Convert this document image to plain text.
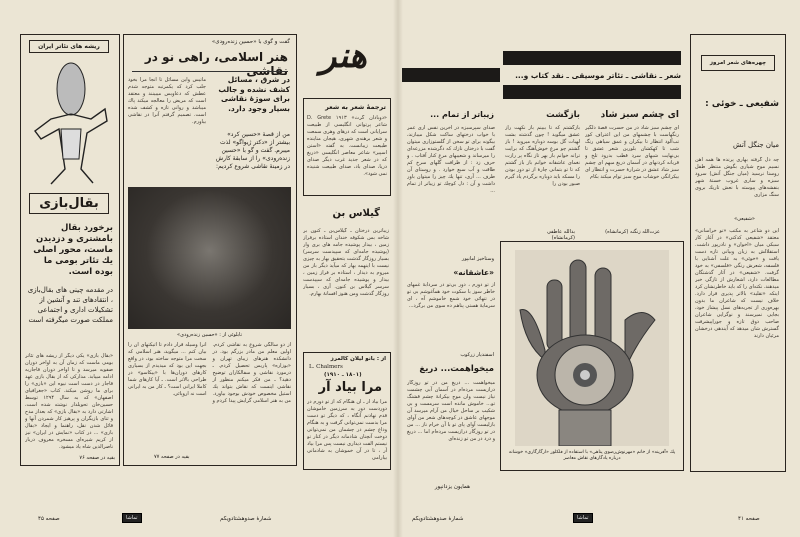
ریشه های تئاتر ایران
بقال‌بازی
برخورد بقال بامشتری و دزدیدن ماست، محور اصلی یك تئاتر بومی ما بوده است.
در مقدمه چینی های بقال‌بازی ، انتقادهای تند و آتشین از تشکیلات اداری و اجتماعی مملکت صورت میگرفته است
«بقال بازی» یکی دیگر از ریشه های تئاتر بومی ماست که زمان آن به اواخر دوران صفویه میرسد و تا اواخر دوران قاجاریه ادامه مییابد. مدارکی که از بقال بازی عهد قاجار در دست است نیوه این «بازی» را برای ما روشن میکند. کتاب «جغرافیای اصفهان» که به سال ۱۲۹۴ توسط حسین‌خان تحویلدار نوشته شده است، اشارتی دارد به «بقال بازی» که بعداز مدح و ثنای بازیگران و پرهیز کار شمردن آنها و قائل شدن نقل، راهنما و ایجاد «بقال بازی» ... در کتاب «نمایش در ایران» نیز از کریم شیره‌ای مسخره معروف دربار ناصرالدین شاه یاد میشود.
بقیه در صفحه ۷۶
گفت و گوی با «حسین زنده‌رودی»
هنر اسلامی، راهی نو در نقاشی
در شرق ، مسائل کشف نشده و جالب برای سوژهٔ نقاشی بسیار وجود دارد.
من از قصهٔ «حسین کرد» بیشتر از «دکتر ژیواگو» لذت میبرم. گفت و گو با «حسین زنده‌رودی» را از سابقهٔ کارش در زمینهٔ نقاشی شروع کردیم:
ماتیس واین مسائل تا آنجا مرا بخود جلب کرد که یکمرتبه متوجه شدم عطش که دعاویس میبینند و معتقد است که مریض را معالجه میکند پاك میباشد و روانی تازه و کشف شده است. تصمیم گرفتم آنرا در نقاشی بیاورم.
تابلوئی از : «حسین زنده‌رودی»
از دو سالگی شروع به نقاشی کردم. اولین معلم من مادر بزرگم بود. در دانشکده هنرهای زیبای تهران و «بوزاره» پاریس تحصیل کردم. ـ درمورد نقاشی و سفالکاران توضیح دهید؟ ـ من فکر میکنم منظور از نقاشی اینست که نقاش بتواند یك استیل مخصوص خودش بوجود بیاورد. من به هنر اسلامی گرایش پیدا کردم و آنرا وسیله قرار دادم تا اتیکتهای آن را بیان کنم ... میگوید، هنر اسلامی که سخت مرا متوجه ساخته بود، در واقع بجهت این بود که میدیدم از بسیاری کارهای دوران‌ها با «پیکاسو» در طراحی بالاتر است. ـ آیا کارهای شما کاملا ایرانی است؟ ـ کار من به ایرانی است نه اروپائی.
بقیه در صفحه ۷۷
هنر
ترجمهٔ شعر به شعر
«دوبادان گرث» D. Grete ۱۹۱۳ شاعر پرتوانی انگلیسی از طبیعت سرایانی است که درهای وهری سمعت و شعر برهنه‌ی شهری، هیجان مناینده طبیعت زیبانست. به گفته «استن اسپیر» شاعر معاصر انگلیسی «دریغ که در شعر جدید غرب دیگر صدای دریا، صدای باد، صدای طبیعت شنیده نمی شود».
گیلاس بن
زیباترین درختان ـ گیلاس‌بن ـ کنون بر شاخه بس شکوفه خندان استاده برفراز زمین ، بیدار پوشیده جامه های بری وار (پوشیده جامه‌ای که سپیدست سرسر) بسیار روزگار گذشت بتحقیق بهار به چیزی نیست با اینهمه بهار که میآید دیگر باز من میروم به دیدار ، استاده بر فراز زمین ، بیدار و پوشیده جامه‌ای که سپیدست سرسر گیلاس بن کنون. آری ، بسیار روزگار گذشت ومن هنوز افسانهٔ بهارم.
از : بانو لیلان کالمرز
L. Chalmers
(۱۸۰۱ ـ ۱۹۱۰)
مرا بیاد آر
مرا بیاد آر ـ آن هنگام که از تو دورم در دوردست دور به سرزمین خاموشان قدم نهادنم آنگاه ، که دیگر تو دست مرا بدست نمی‌توانی گرفت و به هنگام وداع چشم در چشمان من نمی‌توانی دوخت آنچنان شادمانه دیگر در کنار تو نیستم الفت دیداری نیست پس مرا بیاد آر ، تا در آن خموشان به شادمانی بیارامی
صفحه ۴۵	تماشا	شمارهٔ صدوهشتادویکم
شعر ـ نقاشی ـ تئاتر موسیقی ـ نقد کتاب و...
ای چشم سبز شاد
ای چشم سبز شاد در من حسرت قصهٔ دلگیر رنگهاست با چشمهای من این اعتراف کور تب‌آلود انتظار تا بیکران و عمق سیاهی رنگ شب تا کهکشان بلورین شعر عشق تا بی‌نهایت شبهای سرد قطب بدرود تلخ و قربانه کردنهای در آسمان دریغ مبهم ای چشم سبز شاد عشق در شرارهٔ حسرت و انتظار ای بیکرانگی خوشاب موج سبز توام میکند بکام
عزت‌الله زنگنه (کرمانشاه)
بازگشت
بازگشتم که تا ببینم باز نکهت راز عشق میگوید ! چون گذشته بشت لهبات گل بوسه دوباره میروید ! باز گشتم چو مرغ خوش‌آهنگ که برایت ترانه خوانم باز بهر تاز نگاه پر رازت نغمای عاشقانه خوانم باز باز گشتم که تا تو بتمانی چارهٔ از تو دور بودن را مسکه باید دوباره برگردم یاد گیرم صبور بودن را
بدالله عاطفی (کرمانشاه)
زیباتر از تمام ...
صدای سپرسبزه در آخرین نفس اری عمر با خواب درختهای ساکت شکل میبازند، بیگونه برای تو سخن از گلستوزاری میتوان گفت با درختان نازك که دگرشده مزرعه‌ای را میرساند و شعیبهای مرغ کنار آفتاب . و حرف زد : از ظرافت گلهای سرخ کم طاقت و آب سبع خوارد . و روستای آن طرف ... آری، تنها یك چیز را میتوان باور داشت و آن : دل کوچك تو زیباتر از تمام ...
وستاخیز امانپور
«عاشقانه»
از تو دورم ، دور بی‌تو در سردابهٔ غمهای خاطر سوز با سکوت خود همآغوشم بی تو در تنهائی خود شمع خاموشم آه ، ای سرمایهٔ هستی پناهم ده سوی من برگرد...
اسفندیار زرکوب
میخواهمت... دریغ
میخواهمت ... دریغ من در تو روزگار درازیست مرده‌ام در آسمان آبی چشمت نیاز نیست وان موج بیکرانهٔ چشم قشنگ تو... خاموش مانده است سرمست و بی شکیب بر ساحل خیال من آرام میرسد آن موجهای عاشق در کوچه‌های شعر من آوای بازلیست آوای پای تو با آن خرام ناز ... من در تو روزگار درازیست مرده‌ام اما ... دریغ و درد در من تو زنده‌ای
همایون یزدانپور
پك «آفرینه» از خانم «مهرنوش‌رضوی پناهی» با استفاده از فلکلور «ارگارگاری» خوشانه درباره یادگارهای نقاش معاصر
چهره‌های شعر امروز
شفیعی ـ خوئی :
میان جنگل آتش
چه دل گرفته بهاری پرنده ها همه آهن نسیم موج شیاری بگوش منتظر طفل روستا نرسید (میان جنگل آتش) سرود سبزه و ساری غروب خستهٔ شهر بنفشه‌های پیوسته با نعش تاریك بروی سنگ مزاری
«شفیعی»
این دو شاعر به مکتب «نو خراسانی» معتقد «شفیعی کدکنی» در آغاز کار سبکی میان «اخوان» و نادرپور داشت. استقلالش به زبان وبیانی تازه دست یافت و «خوئی» به علت آشنایی با فلسفه، شعرش رنگی «فلسفی» به خود گرفت. «شفیعی» در آثار گذشتگان مطالعات دارد، اشعارش از تازگی خبر میدهند. نکته‌ای را که باید خاطرنشان کرد اینکه «تقلید» بالاتر پذیری قرار دارد. خلاف نیست که شاعران ما بدون بهره‌وری از تجربه‌های نسل پیشاز خود، بجایی نمیرسند و نوگرایی شاعران صاحب ذوق تازه و جوراپیشرفت گسترش شان میدهد که آیندهی درخشان مرئیان دارند
شمارهٔ صدوهشتادویکم	تماشا	صفحه ۴۱
